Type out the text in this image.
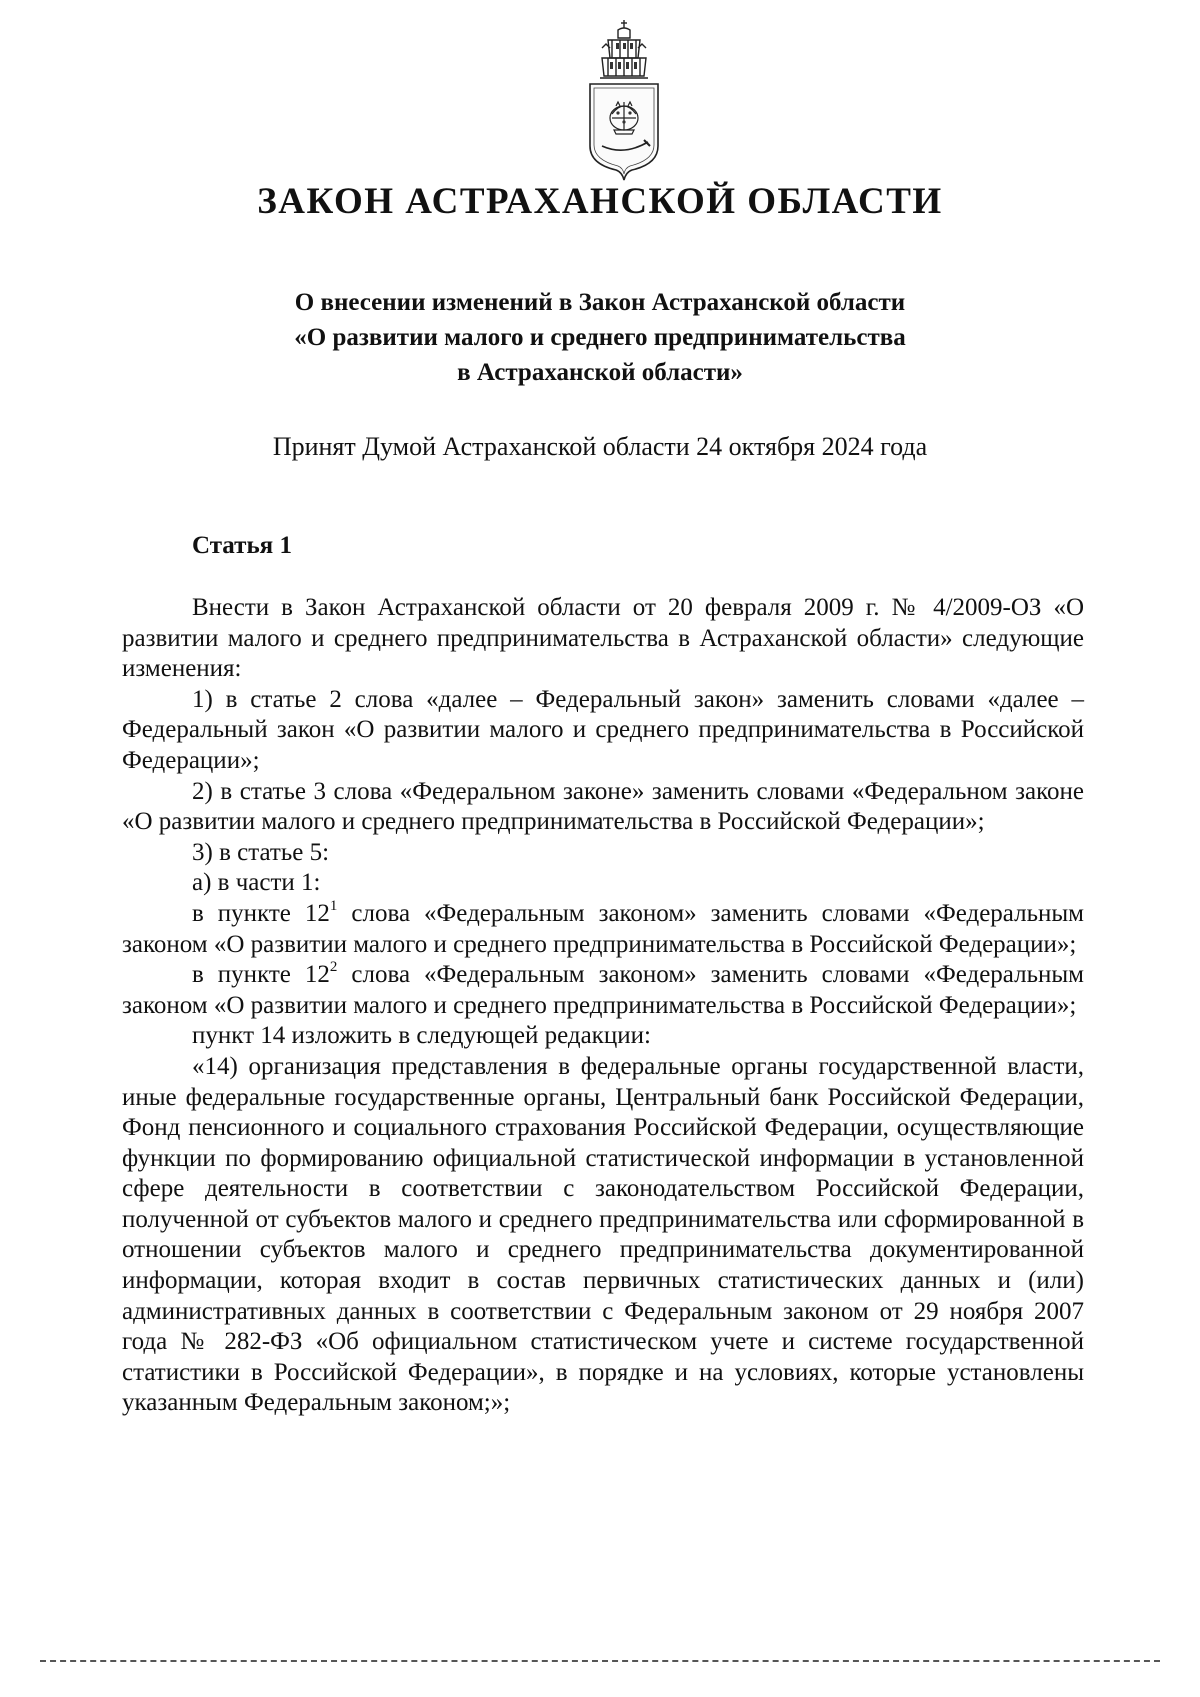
ЗАКОН АСТРАХАНСКОЙ ОБЛАСТИ
О внесении изменений в Закон Астраханской области
«О развитии малого и среднего предпринимательства
в Астраханской области»
Принят Думой Астраханской области 24 октября 2024 года
Статья 1

Внести в Закон Астраханской области от 20 февраля 2009 г. № 4/2009-ОЗ «О развитии малого и среднего предпринимательства в Астраханской области» следующие изменения:

1) в статье 2 слова «далее – Федеральный закон» заменить словами «далее – Федеральный закон «О развитии малого и среднего предпринимательства в Российской Федерации»;

2) в статье 3 слова «Федеральном законе» заменить словами «Федеральном законе «О развитии малого и среднего предпринимательства в Российской Федерации»;

3) в статье 5:

а) в части 1:

в пункте $12^1$ слова «Федеральным законом» заменить словами «Федеральным законом «О развитии малого и среднего предпринимательства в Российской Федерации»;

в пункте $12^2$ слова «Федеральным законом» заменить словами «Федеральным законом «О развитии малого и среднего предпринимательства в Российской Федерации»;

пункт 14 изложить в следующей редакции:

«14) организация представления в федеральные органы государственной власти, иные федеральные государственные органы, Центральный банк Российской Федерации, Фонд пенсионного и социального страхования Российской Федерации, осуществляющие функции по формированию официальной статистической информации в установленной сфере деятельности в соответствии с законодательством Российской Федерации, полученной от субъектов малого и среднего предпринимательства или сформированной в отношении субъектов малого и среднего предпринимательства документированной информации, которая входит в состав первичных статистических данных и (или) административных данных в соответствии с Федеральным законом от 29 ноября 2007 года № 282-ФЗ «Об официальном статистическом учете и системе государственной статистики в Российской Федерации», в порядке и на условиях, которые установлены указанным Федеральным законом;»;
